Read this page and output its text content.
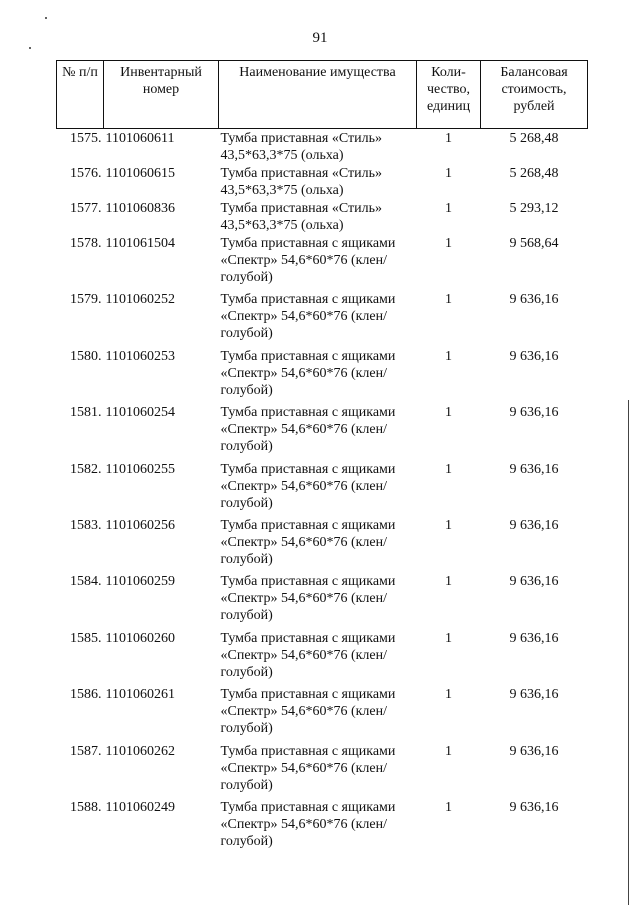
91
№ п/п	Инвентарный номер	Наименование имущества	Коли- чество, единиц	Балансовая стоимость, рублей
1575.	1101060611	Тумба приставная «Стиль» 43,5*63,3*75 (ольха)	1	5 268,48
1576.	1101060615	Тумба приставная «Стиль» 43,5*63,3*75 (ольха)	1	5 268,48
1577.	1101060836	Тумба приставная «Стиль» 43,5*63,3*75 (ольха)	1	5 293,12
1578.	1101061504	Тумба приставная с ящиками «Спектр» 54,6*60*76 (клен/голубой)	1	9 568,64
1579.	1101060252	Тумба приставная с ящиками «Спектр» 54,6*60*76 (клен/голубой)	1	9 636,16
1580.	1101060253	Тумба приставная с ящиками «Спектр» 54,6*60*76 (клен/голубой)	1	9 636,16
1581.	1101060254	Тумба приставная с ящиками «Спектр» 54,6*60*76 (клен/голубой)	1	9 636,16
1582.	1101060255	Тумба приставная с ящиками «Спектр» 54,6*60*76 (клен/голубой)	1	9 636,16
1583.	1101060256	Тумба приставная с ящиками «Спектр» 54,6*60*76 (клен/голубой)	1	9 636,16
1584.	1101060259	Тумба приставная с ящиками «Спектр» 54,6*60*76 (клен/голубой)	1	9 636,16
1585.	1101060260	Тумба приставная с ящиками «Спектр» 54,6*60*76 (клен/голубой)	1	9 636,16
1586.	1101060261	Тумба приставная с ящиками «Спектр» 54,6*60*76 (клен/голубой)	1	9 636,16
1587.	1101060262	Тумба приставная с ящиками «Спектр» 54,6*60*76 (клен/голубой)	1	9 636,16
1588.	1101060249	Тумба приставная с ящиками «Спектр» 54,6*60*76 (клен/голубой)	1	9 636,16
